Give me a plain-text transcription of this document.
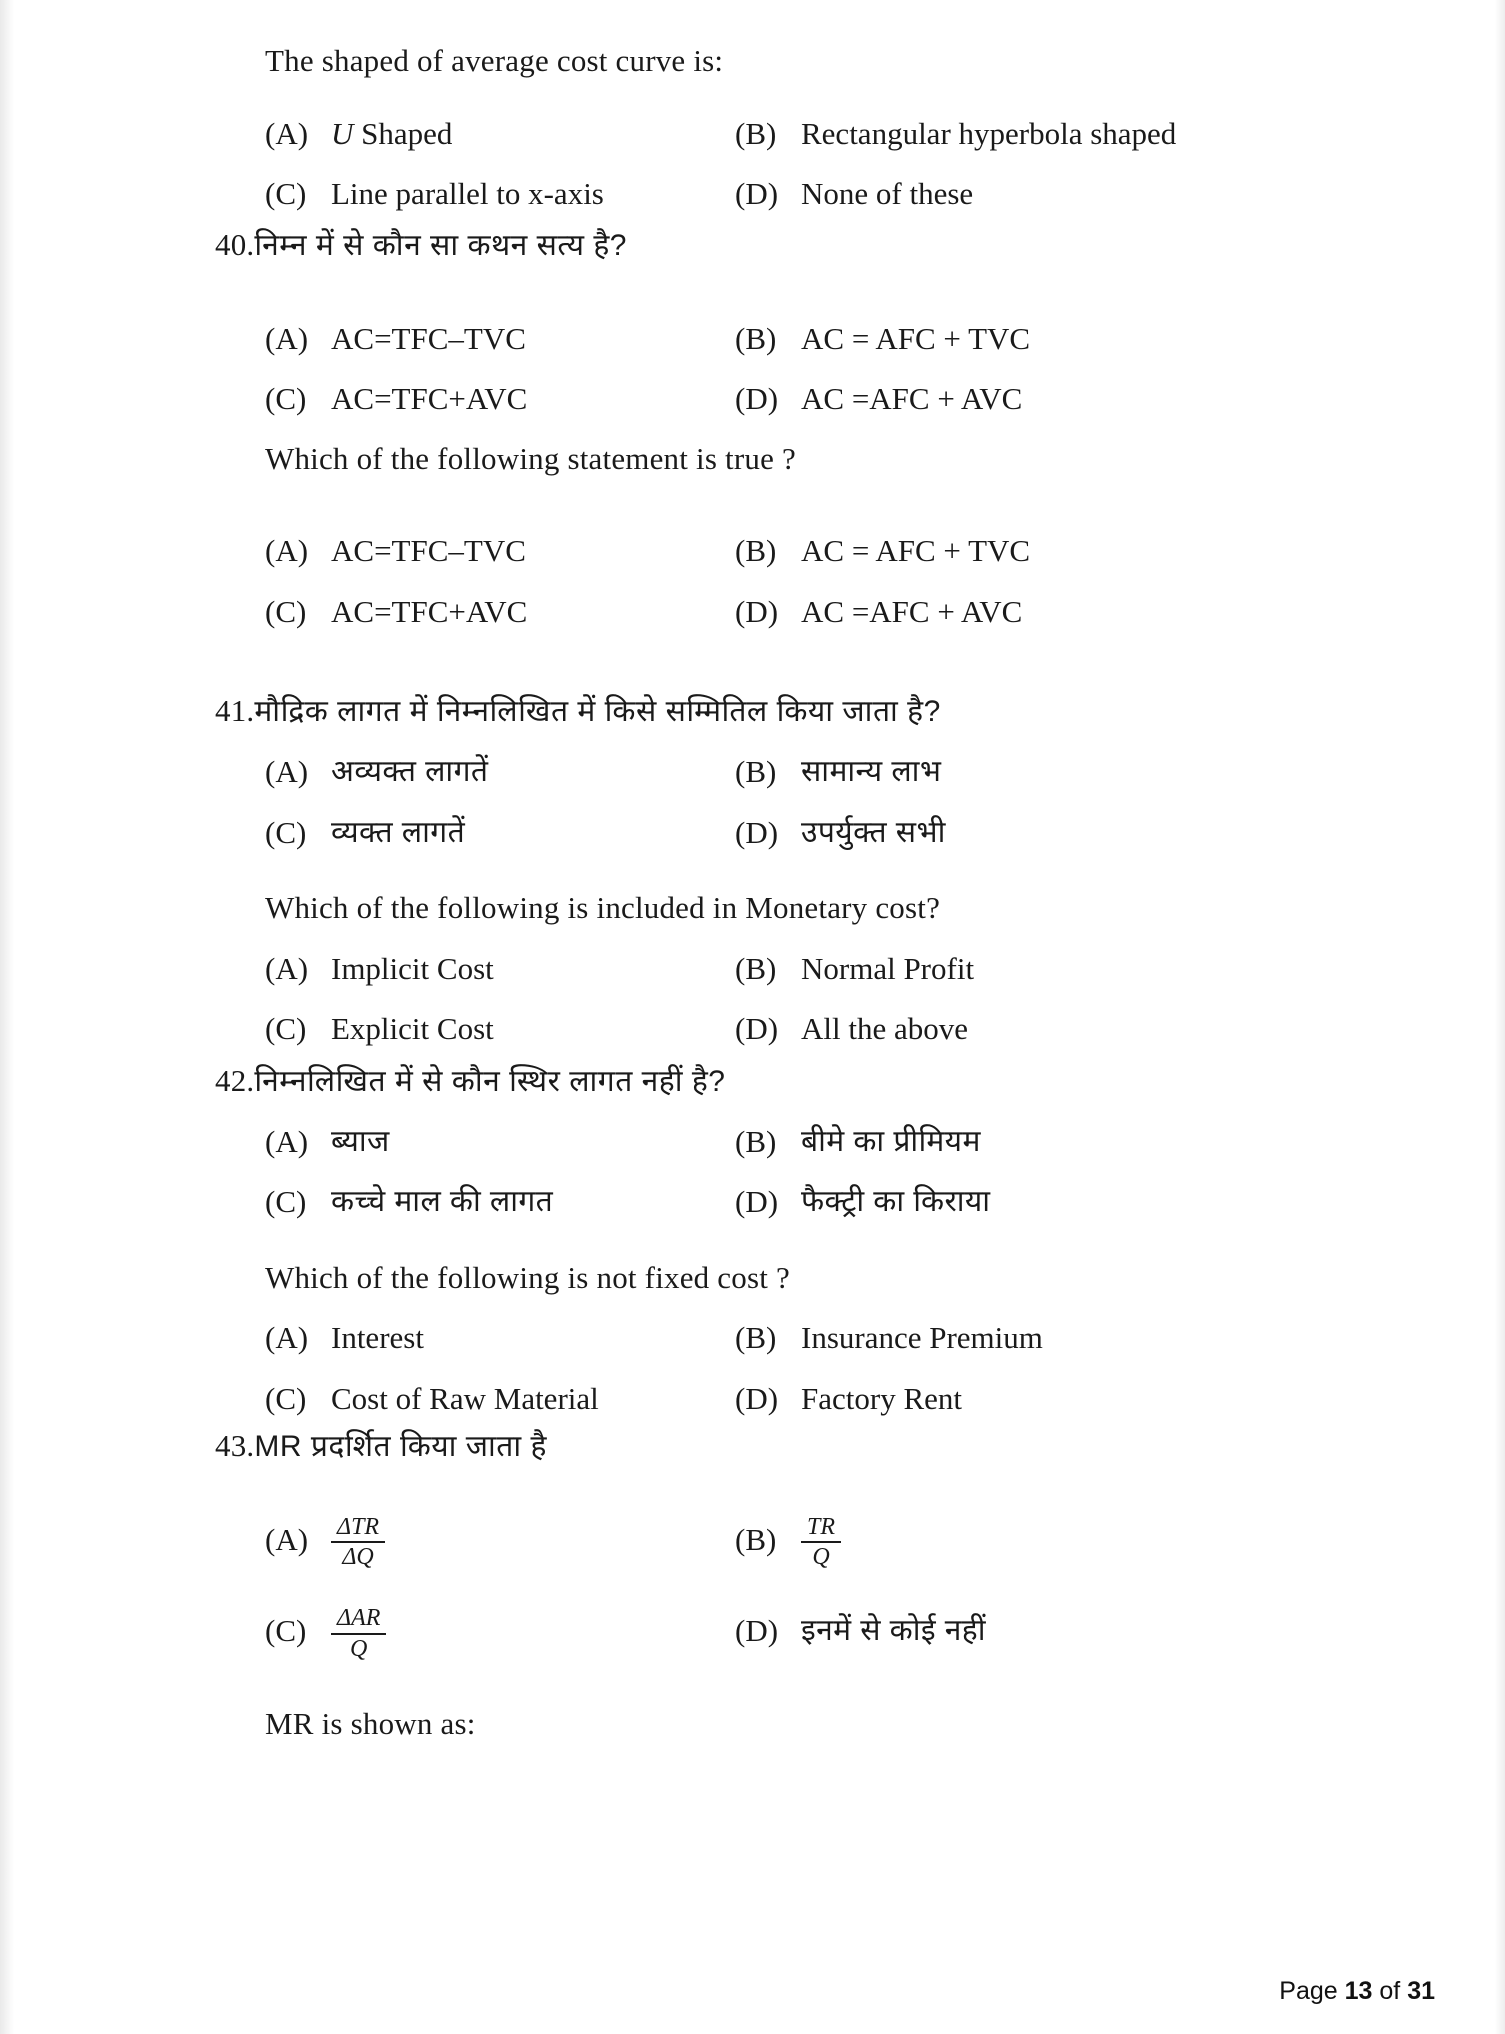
The shaped of average cost curve is:

(A) U Shaped	(B) Rectangular hyperbola shaped
(C) Line parallel to x-axis	(D) None of these

40.निम्न में से कौन सा कथन सत्य है?

(A) AC=TFC–TVC	(B) AC = AFC + TVC
(C) AC=TFC+AVC	(D) AC =AFC + AVC

Which of the following statement is true ?

(A) AC=TFC–TVC	(B) AC = AFC + TVC
(C) AC=TFC+AVC	(D) AC =AFC + AVC

41.मौद्रिक लागत में निम्नलिखित में किसे सम्मितिल किया जाता है?

(A) अव्यक्त लागतें	(B) सामान्य लाभ
(C) व्यक्त लागतें	(D) उपर्युक्त सभी

Which of the following is included in Monetary cost?

(A) Implicit Cost	(B) Normal Profit
(C) Explicit Cost	(D) All the above

42.निम्नलिखित में से कौन स्थिर लागत नहीं है?

(A) ब्याज	(B) बीमे का प्रीमियम
(C) कच्चे माल की लागत	(D) फैक्ट्री का किराया

Which of the following is not fixed cost ?

(A) Interest	(B) Insurance Premium
(C) Cost of Raw Material	(D) Factory Rent

43.MR प्रदर्शित किया जाता है

$(A) \frac{\text{ΔTR}}{\Delta Q}$	(B)	$\frac{TR}{Q}$
(C)	$\frac{\text{ΔAR}}{Q}$	(D) इनमें से कोई नहीं

MR is shown as:

Page 13 of 31
